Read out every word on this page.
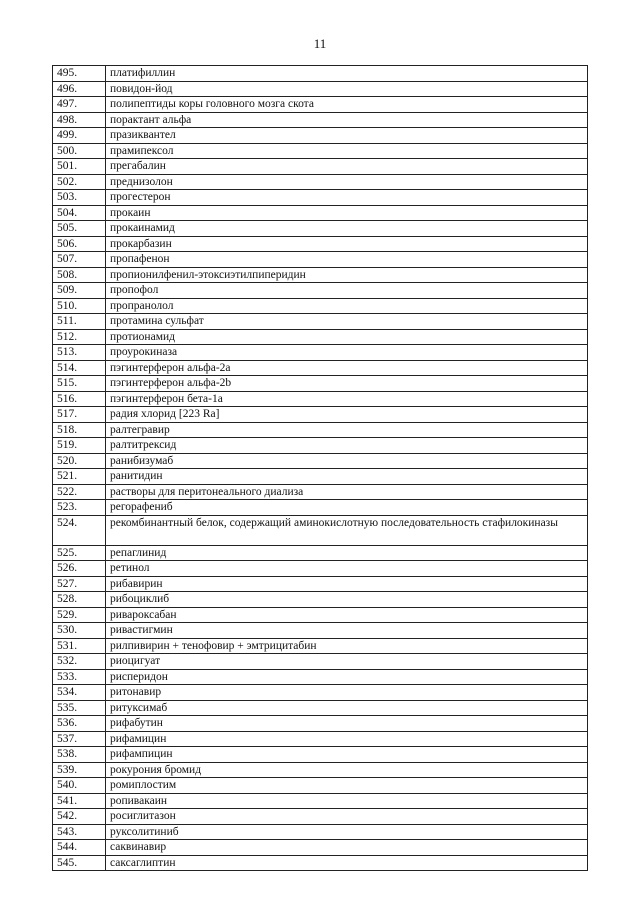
11
495.	платифиллин
496.	повидон-йод
497.	полипептиды коры головного мозга скота
498.	порактант альфа
499.	празиквантел
500.	прамипексол
501.	прегабалин
502.	преднизолон
503.	прогестерон
504.	прокаин
505.	прокаинамид
506.	прокарбазин
507.	пропафенон
508.	пропионилфенил-этоксиэтилпиперидин
509.	пропофол
510.	пропранолол
511.	протамина сульфат
512.	протионамид
513.	проурокиназа
514.	пэгинтерферон альфа-2а
515.	пэгинтерферон альфа-2b
516.	пэгинтерферон бета-1а
517.	радия хлорид [223 Ra]
518.	ралтегравир
519.	ралтитрексид
520.	ранибизумаб
521.	ранитидин
522.	растворы для перитонеального диализа
523.	регорафениб
524.	рекомбинантный белок, содержащий аминокислотную последовательность стафилокиназы
525.	репаглинид
526.	ретинол
527.	рибавирин
528.	рибоциклиб
529.	ривароксабан
530.	ривастигмин
531.	рилпивирин + тенофовир + эмтрицитабин
532.	риоцигуат
533.	рисперидон
534.	ритонавир
535.	ритуксимаб
536.	рифабутин
537.	рифамицин
538.	рифампицин
539.	рокурония бромид
540.	ромиплостим
541.	ропивакаин
542.	росиглитазон
543.	руксолитиниб
544.	саквинавир
545.	саксаглиптин
